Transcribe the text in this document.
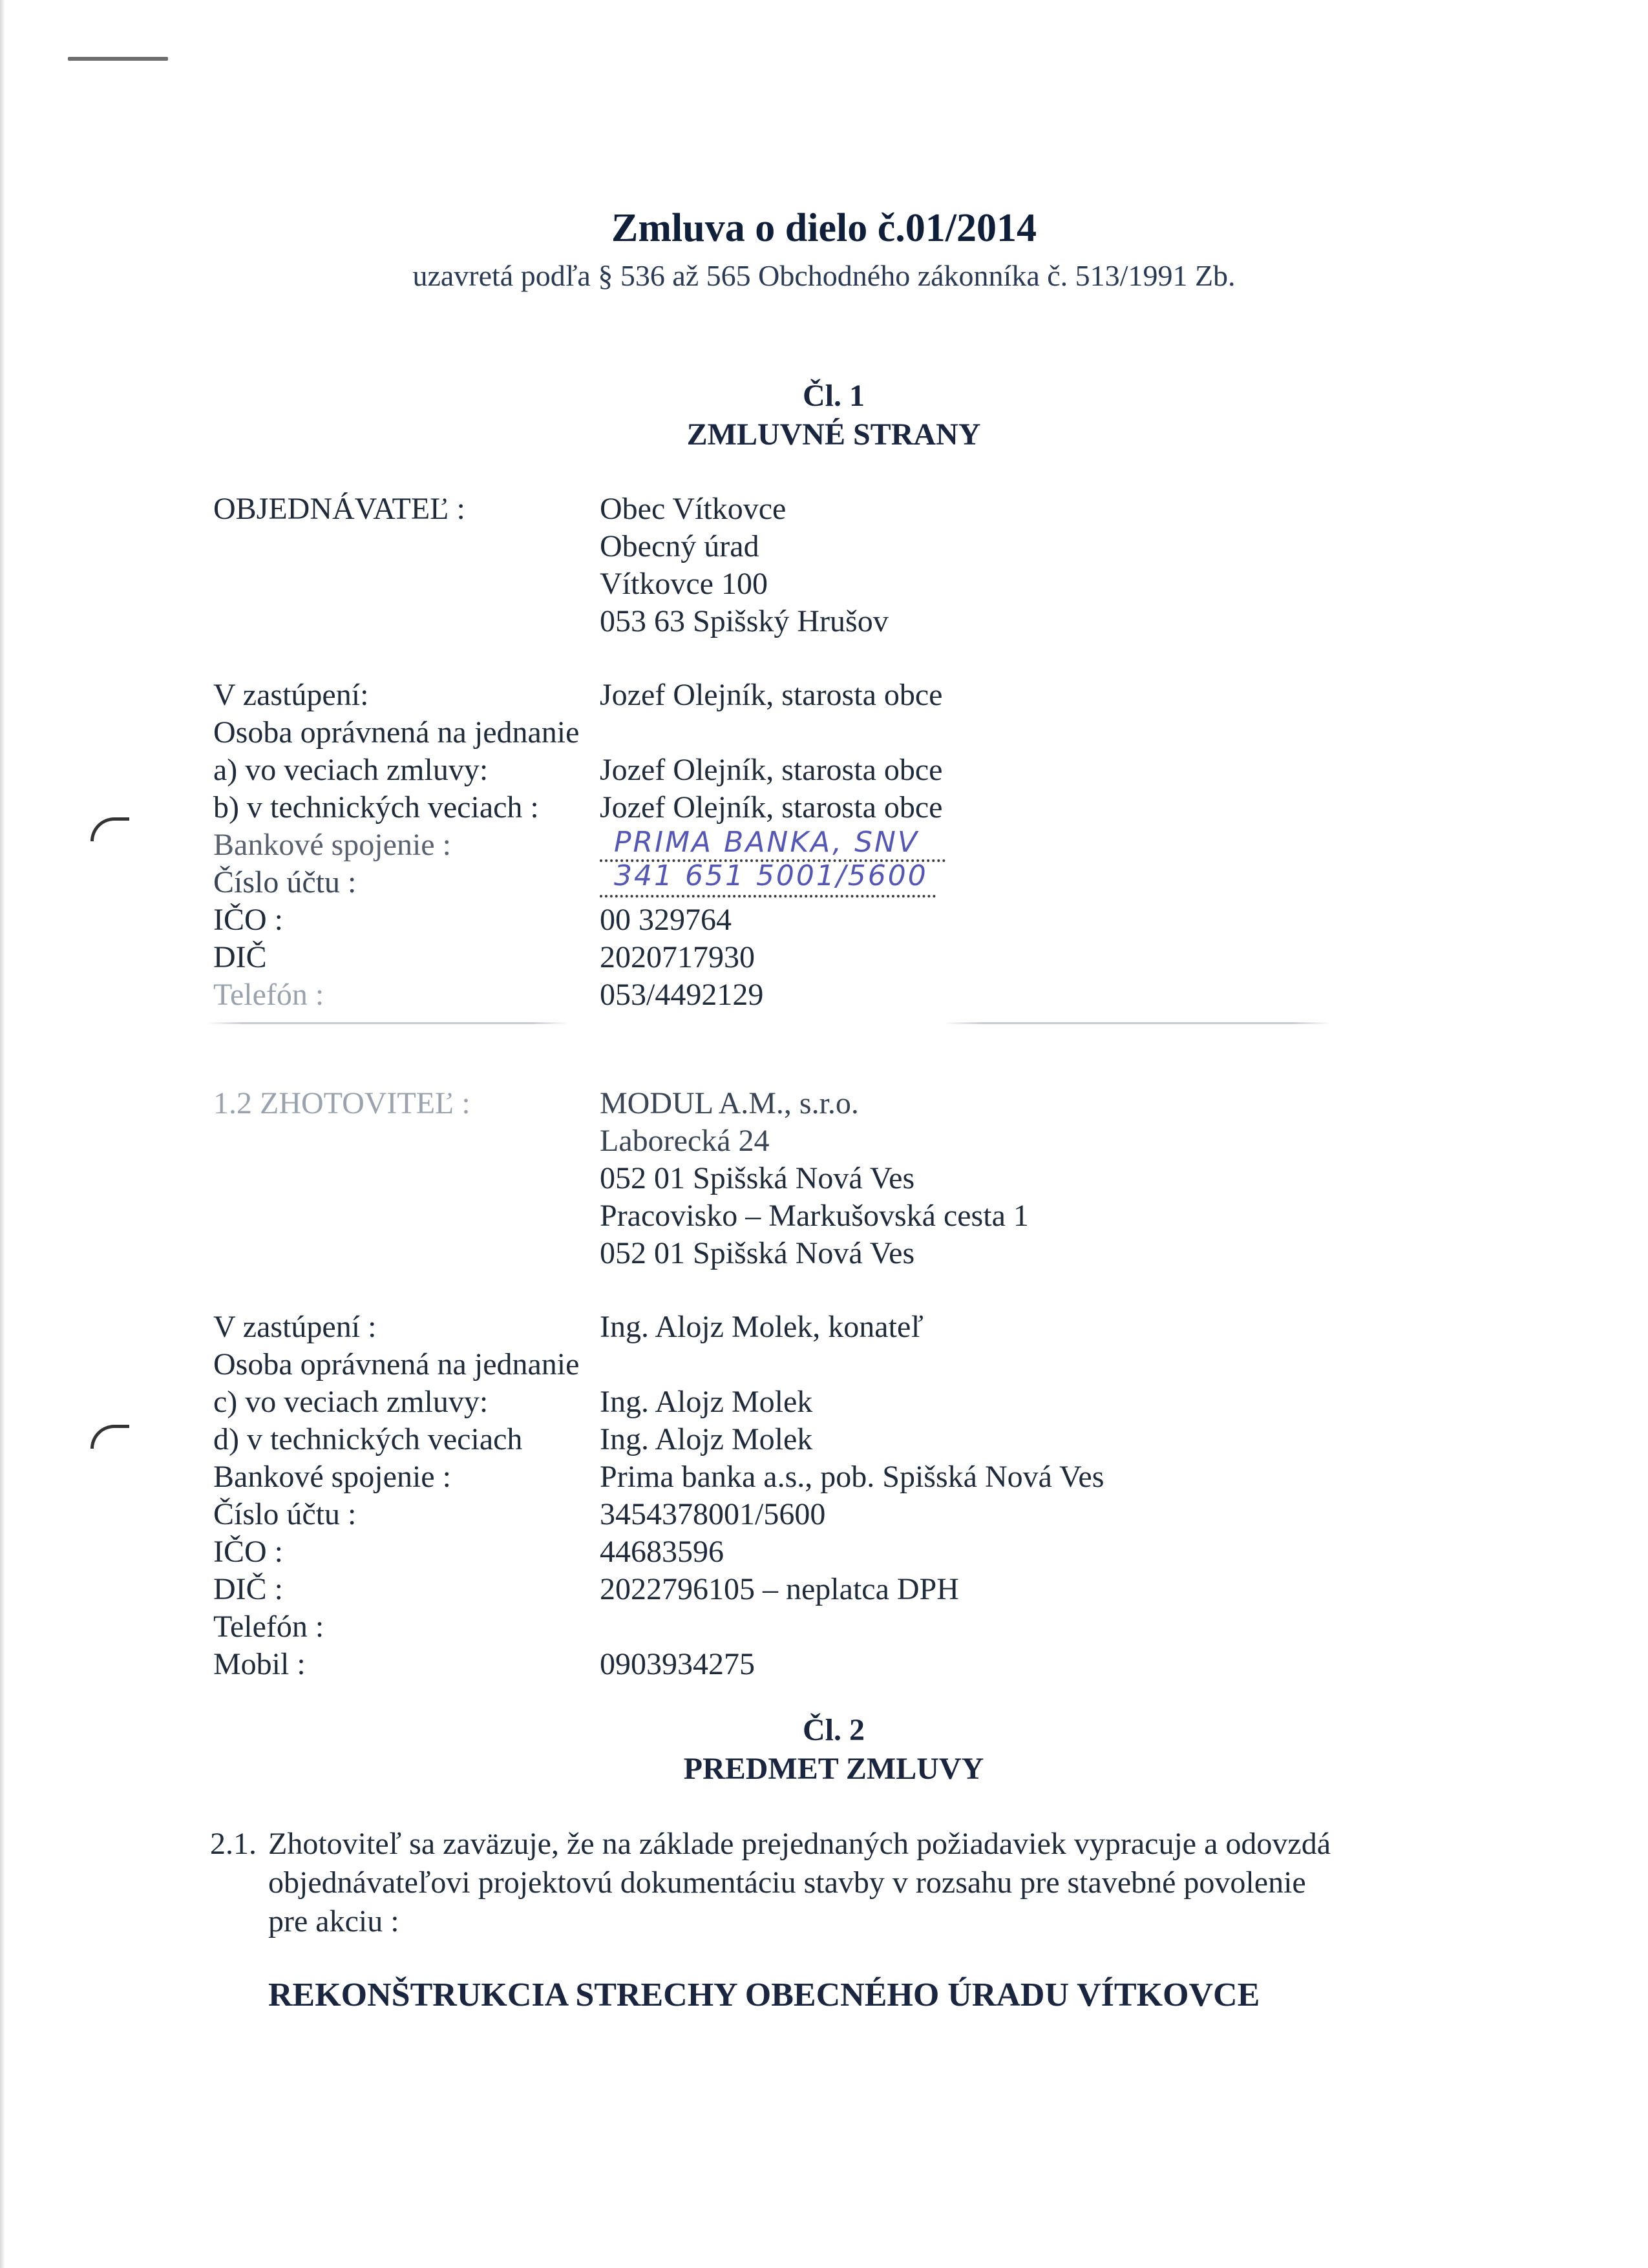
Zmluva o dielo č.01/2014
uzavretá podľa § 536 až 565 Obchodného zákonníka č. 513/1991 Zb.
Čl. 1
ZMLUVNÉ STRANY
OBJEDNÁVATEĽ :	Obec Vítkovce
Obecný úrad
Vítkovce 100
053 63 Spišský Hrušov
V zastúpení:	Jozef Olejník, starosta obce
Osoba oprávnená na jednanie
a) vo veciach zmluvy:	Jozef Olejník, starosta obce
b) v technických veciach : Jozef Olejník, starosta obce
Bankové spojenie :	PRIMA BANKA, SNV
Číslo účtu :	341 651 5001/5600
IČO :	00 329764
DIČ	2020717930
Telefón :	053/4492129
1.2 ZHOTOVITEĽ :	MODUL A.M., s.r.o.
Laborecká 24
052 01 Spišská Nová Ves
Pracovisko – Markušovská cesta 1
052 01 Spišská Nová Ves
V zastúpení :	Ing. Alojz Molek, konateľ
Osoba oprávnená na jednanie
c) vo veciach zmluvy:	Ing. Alojz Molek
d) v technických veciach Ing. Alojz Molek
Bankové spojenie :	Prima banka a.s., pob. Spišská Nová Ves
Číslo účtu :	3454378001/5600
IČO :	44683596
DIČ :	2022796105 – neplatca DPH
Telefón :
Mobil :	0903934275
Čl. 2
PREDMET ZMLUVY
2.1. Zhotoviteľ sa zaväzuje, že na základe prejednaných požiadaviek vypracuje a odovzdá
objednávateľovi projektovú dokumentáciu stavby v rozsahu pre stavebné povolenie
pre akciu :
REKONŠTRUKCIA STRECHY OBECNÉHO ÚRADU VÍTKOVCE
